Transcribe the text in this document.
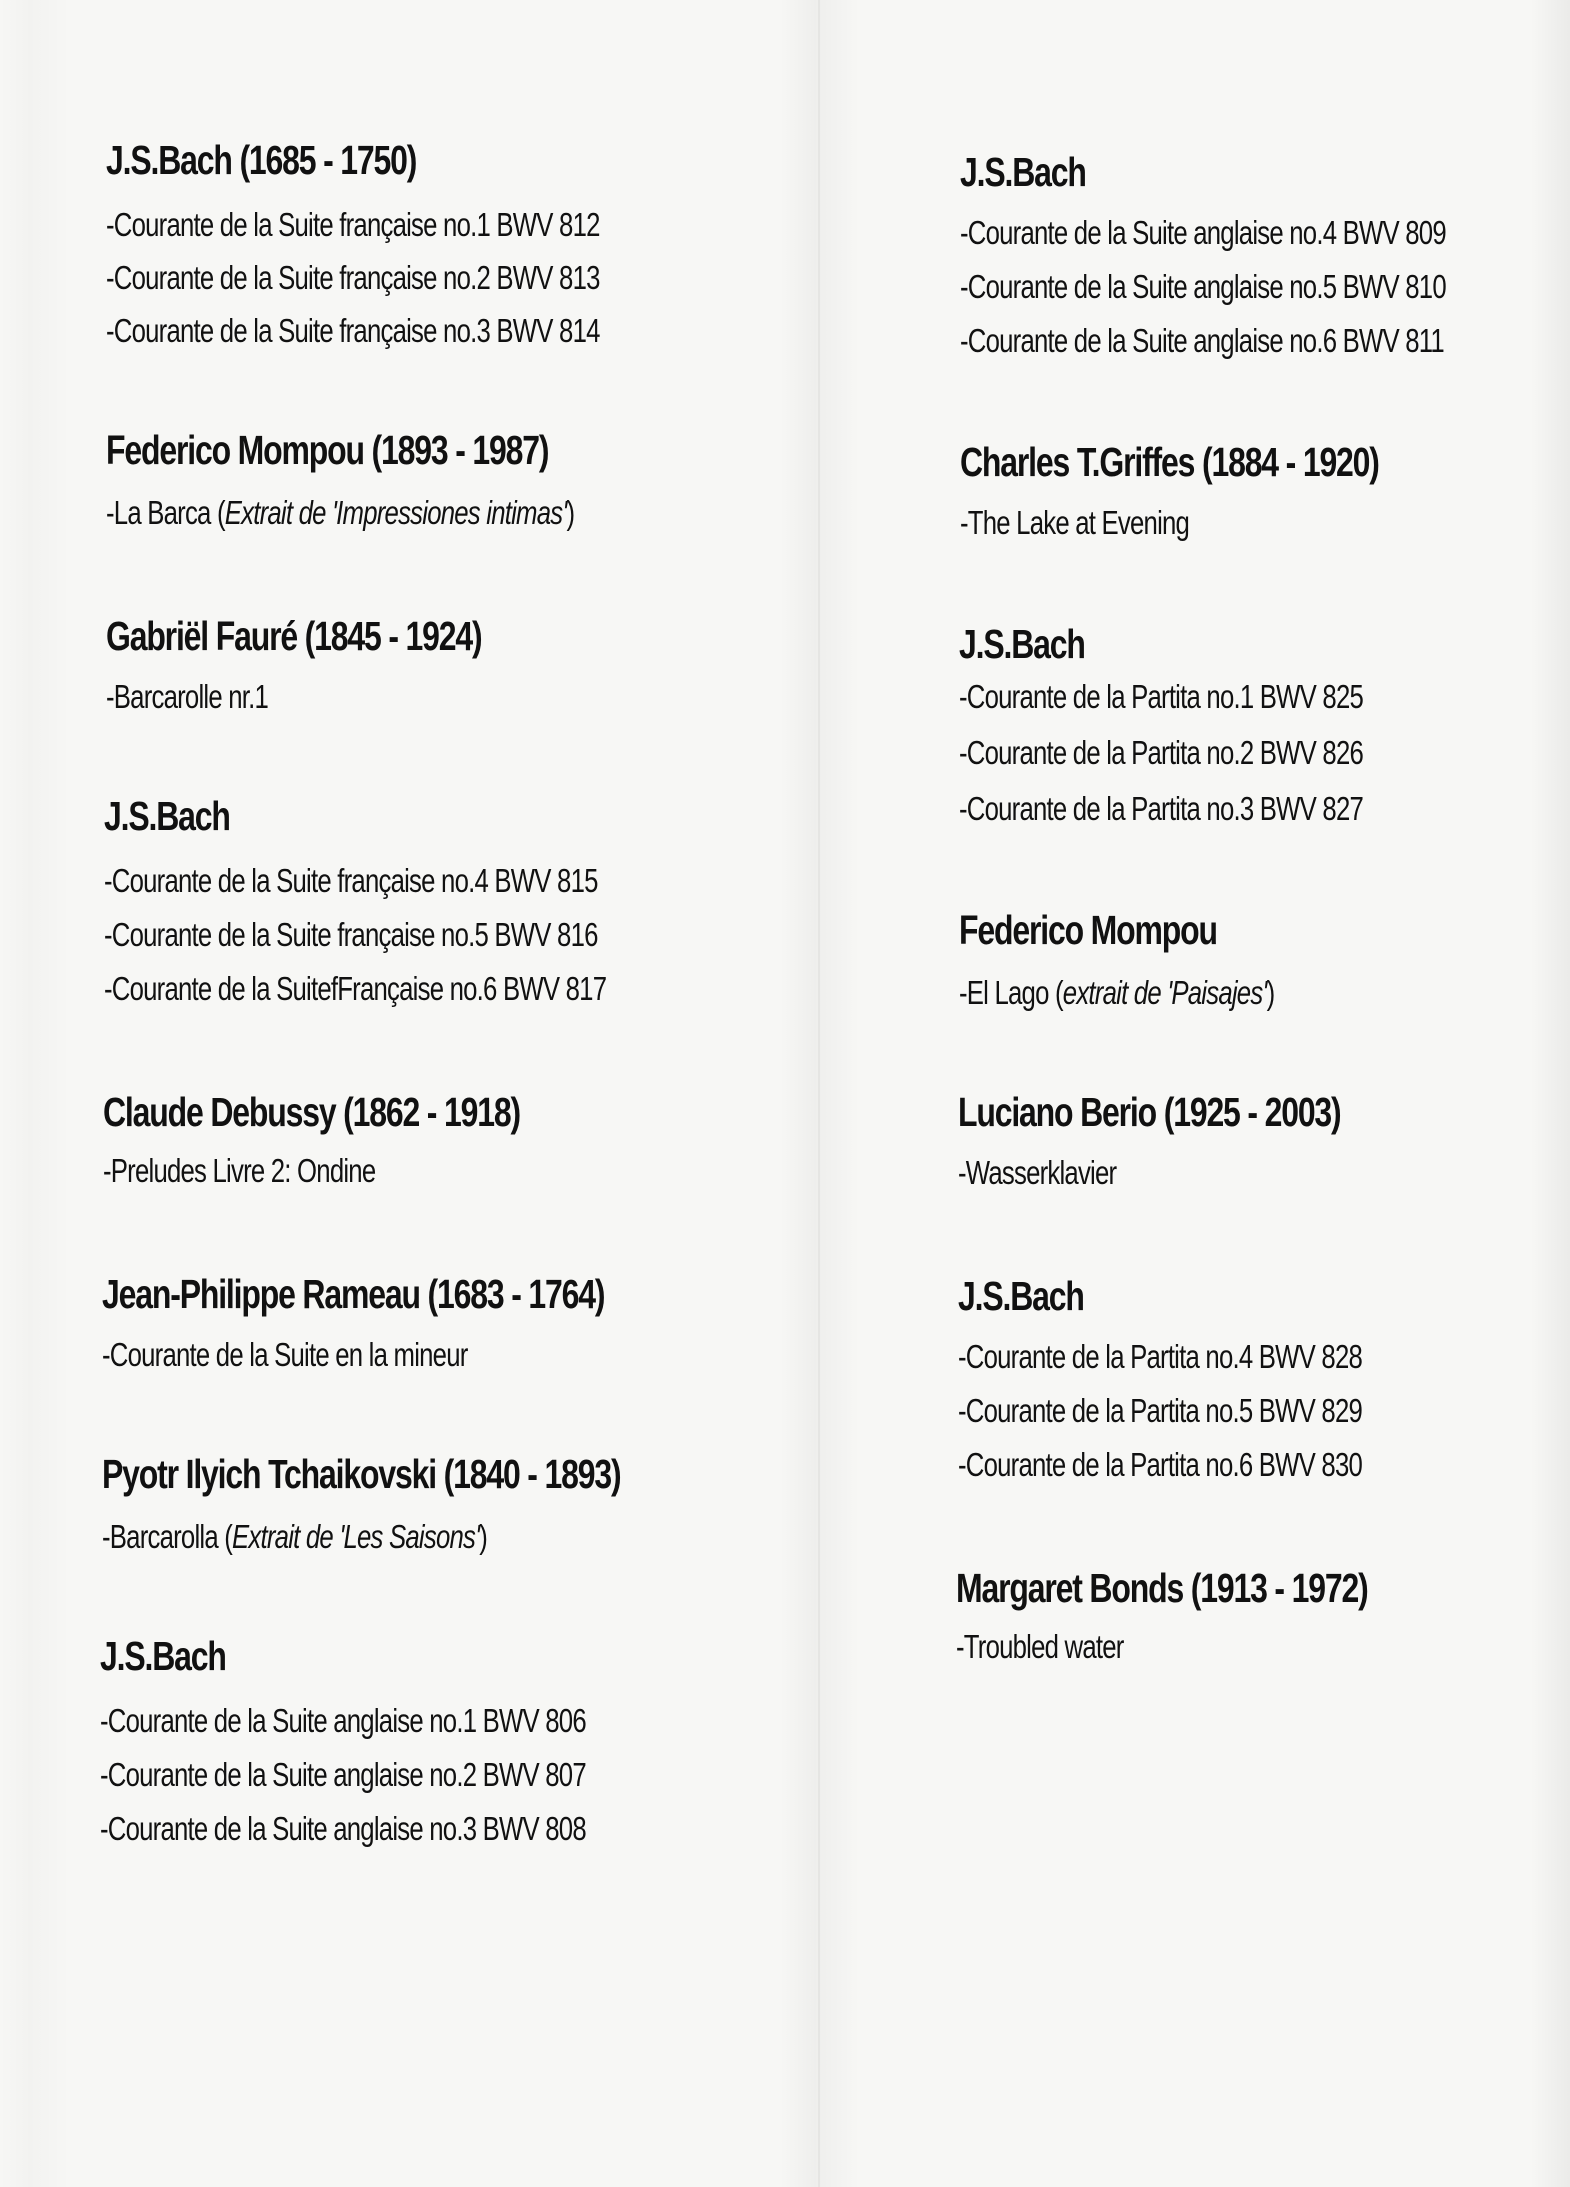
J.S.Bach (1685 - 1750)
-Courante de la Suite française no.1 BWV 812
-Courante de la Suite française no.2 BWV 813
-Courante de la Suite française no.3 BWV 814
Federico Mompou (1893 - 1987)
-La Barca (Extrait de 'Impressiones intimas')
Gabriël Fauré (1845 - 1924)
-Barcarolle nr.1
J.S.Bach
-Courante de la Suite française no.4 BWV 815
-Courante de la Suite française no.5 BWV 816
-Courante de la SuitefFrançaise no.6 BWV 817
Claude Debussy (1862 - 1918)
-Preludes Livre 2: Ondine
Jean-Philippe Rameau (1683 - 1764)
-Courante de la Suite en la mineur
Pyotr Ilyich Tchaikovski (1840 - 1893)
-Barcarolla (Extrait de 'Les Saisons')
J.S.Bach
-Courante de la Suite anglaise no.1 BWV 806
-Courante de la Suite anglaise no.2 BWV 807
-Courante de la Suite anglaise no.3 BWV 808
J.S.Bach
-Courante de la Suite anglaise no.4 BWV 809
-Courante de la Suite anglaise no.5 BWV 810
-Courante de la Suite anglaise no.6 BWV 811
Charles T.Griffes (1884 - 1920)
-The Lake at Evening
J.S.Bach
-Courante de la Partita no.1 BWV 825
-Courante de la Partita no.2 BWV 826
-Courante de la Partita no.3 BWV 827
Federico Mompou
-El Lago (extrait de 'Paisajes')
Luciano Berio (1925 - 2003)
-Wasserklavier
J.S.Bach
-Courante de la Partita no.4 BWV 828
-Courante de la Partita no.5 BWV 829
-Courante de la Partita no.6 BWV 830
Margaret Bonds (1913 - 1972)
-Troubled water
